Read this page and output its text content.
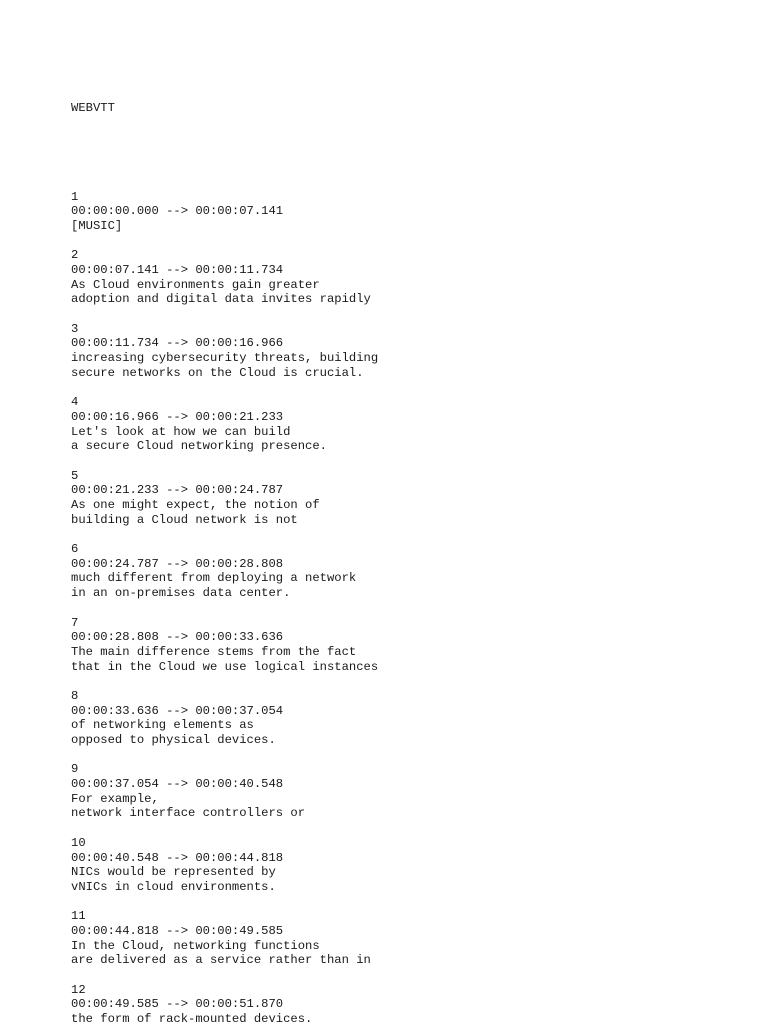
WEBVTT

1
00:00:00.000 --> 00:00:07.141
[MUSIC]
2
00:00:07.141 --> 00:00:11.734
As Cloud environments gain greater
adoption and digital data invites rapidly
3
00:00:11.734 --> 00:00:16.966
increasing cybersecurity threats, building
secure networks on the Cloud is crucial.
4
00:00:16.966 --> 00:00:21.233
Let's look at how we can build
a secure Cloud networking presence.
5
00:00:21.233 --> 00:00:24.787
As one might expect, the notion of
building a Cloud network is not
6
00:00:24.787 --> 00:00:28.808
much different from deploying a network
in an on-premises data center.
7
00:00:28.808 --> 00:00:33.636
The main difference stems from the fact
that in the Cloud we use logical instances
8
00:00:33.636 --> 00:00:37.054
of networking elements as
opposed to physical devices.
9
00:00:37.054 --> 00:00:40.548
For example,
network interface controllers or
10
00:00:40.548 --> 00:00:44.818
NICs would be represented by
vNICs in cloud environments.
11
00:00:44.818 --> 00:00:49.585
In the Cloud, networking functions
are delivered as a service rather than in
12
00:00:49.585 --> 00:00:51.870
the form of rack-mounted devices.
